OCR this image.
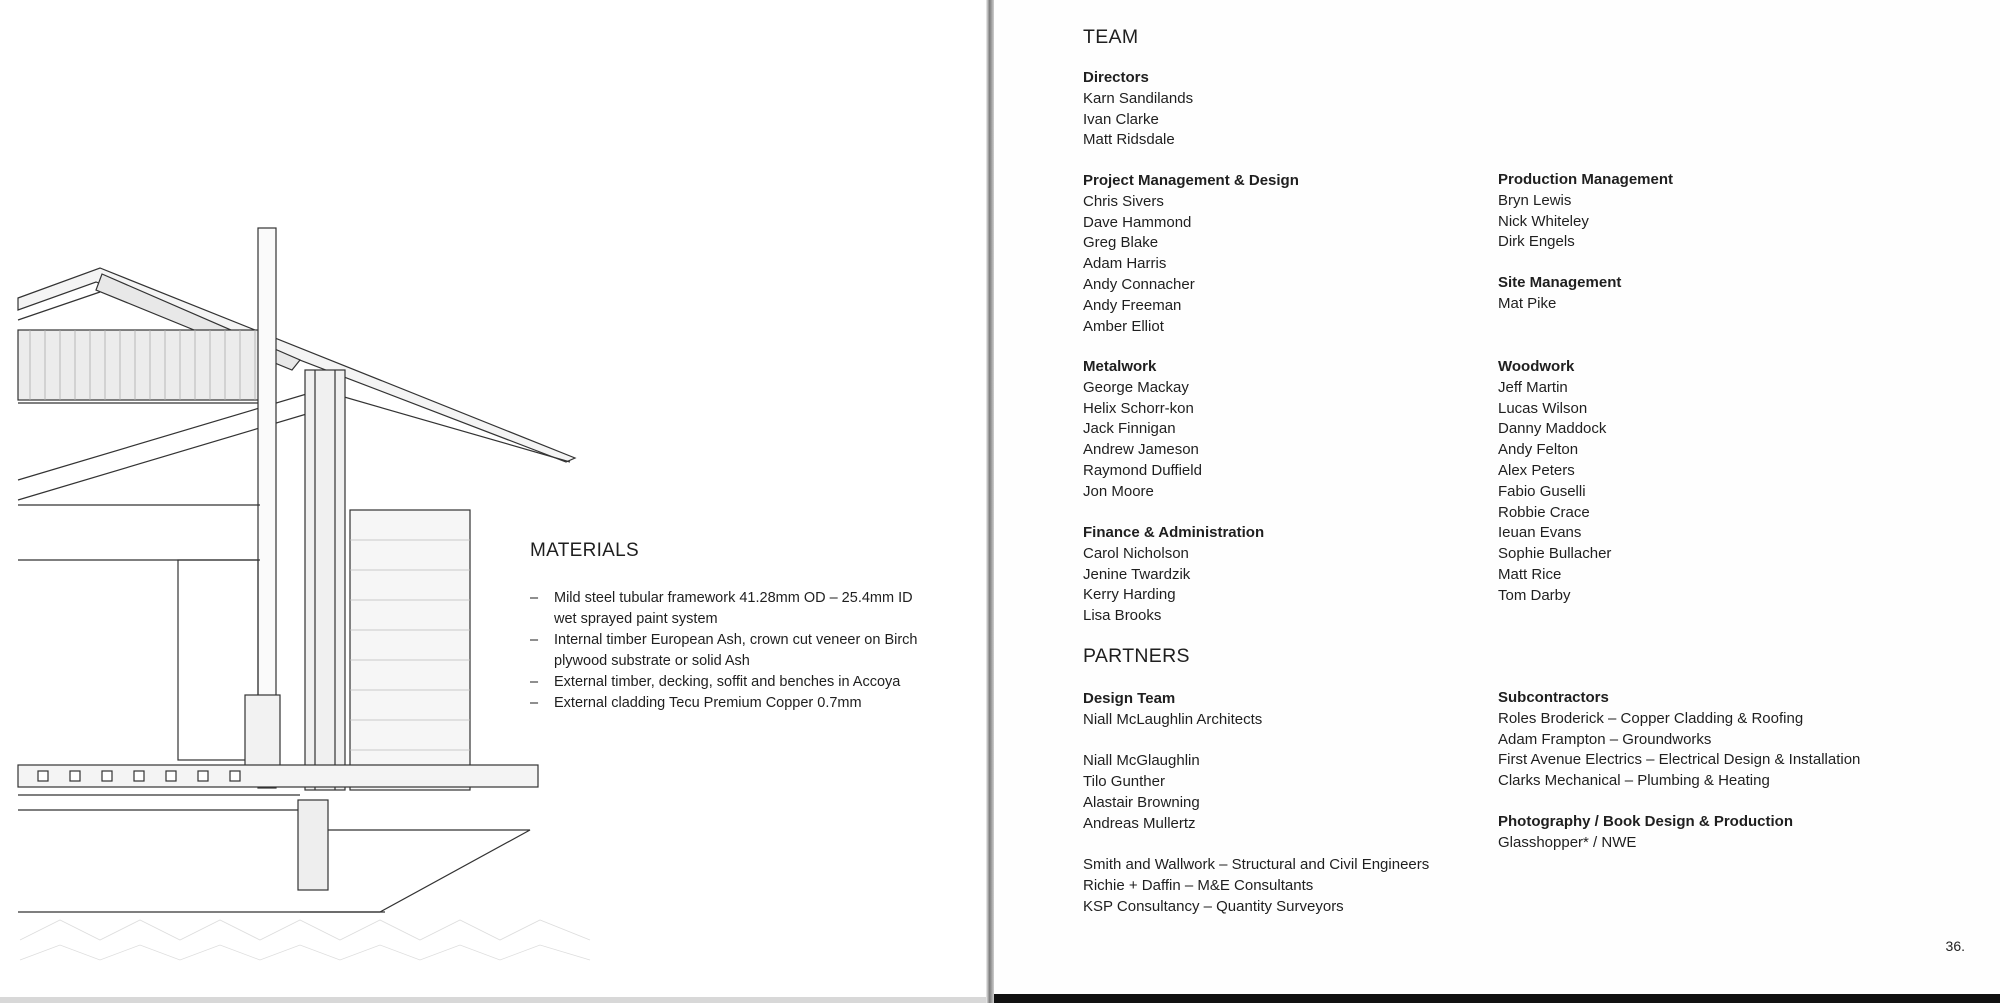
MATERIALS
– Mild steel tubular framework 41.28mm OD – 25.4mm ID wet sprayed paint system
– Internal timber European Ash, crown cut veneer on Birch plywood substrate or solid Ash
– External timber, decking, soffit and benches in Accoya
– External cladding Tecu Premium Copper 0.7mm
TEAM
Directors
Karn Sandilands
Ivan Clarke
Matt Ridsdale
Project Management & Design
Chris Sivers
Dave Hammond
Greg Blake
Adam Harris
Andy Connacher
Andy Freeman
Amber Elliot
Metalwork
George Mackay
Helix Schorr-kon
Jack Finnigan
Andrew Jameson
Raymond Duffield
Jon Moore
Finance & Administration
Carol Nicholson
Jenine Twardzik
Kerry Harding
Lisa Brooks
Production Management
Bryn Lewis
Nick Whiteley
Dirk Engels
Site Management
Mat Pike
Woodwork
Jeff Martin
Lucas Wilson
Danny Maddock
Andy Felton
Alex Peters
Fabio Guselli
Robbie Crace
Ieuan Evans
Sophie Bullacher
Matt Rice
Tom Darby
PARTNERS
Design Team
Niall McLaughlin Architects
Niall McGlaughlin
Tilo Gunther
Alastair Browning
Andreas Mullertz
Smith and Wallwork – Structural and Civil Engineers
Richie + Daffin – M&E Consultants
KSP Consultancy – Quantity Surveyors
Subcontractors
Roles Broderick – Copper Cladding & Roofing
Adam Frampton – Groundworks
First Avenue Electrics – Electrical Design & Installation
Clarks Mechanical – Plumbing & Heating
Photography / Book Design & Production
Glasshopper* / NWE
36.
